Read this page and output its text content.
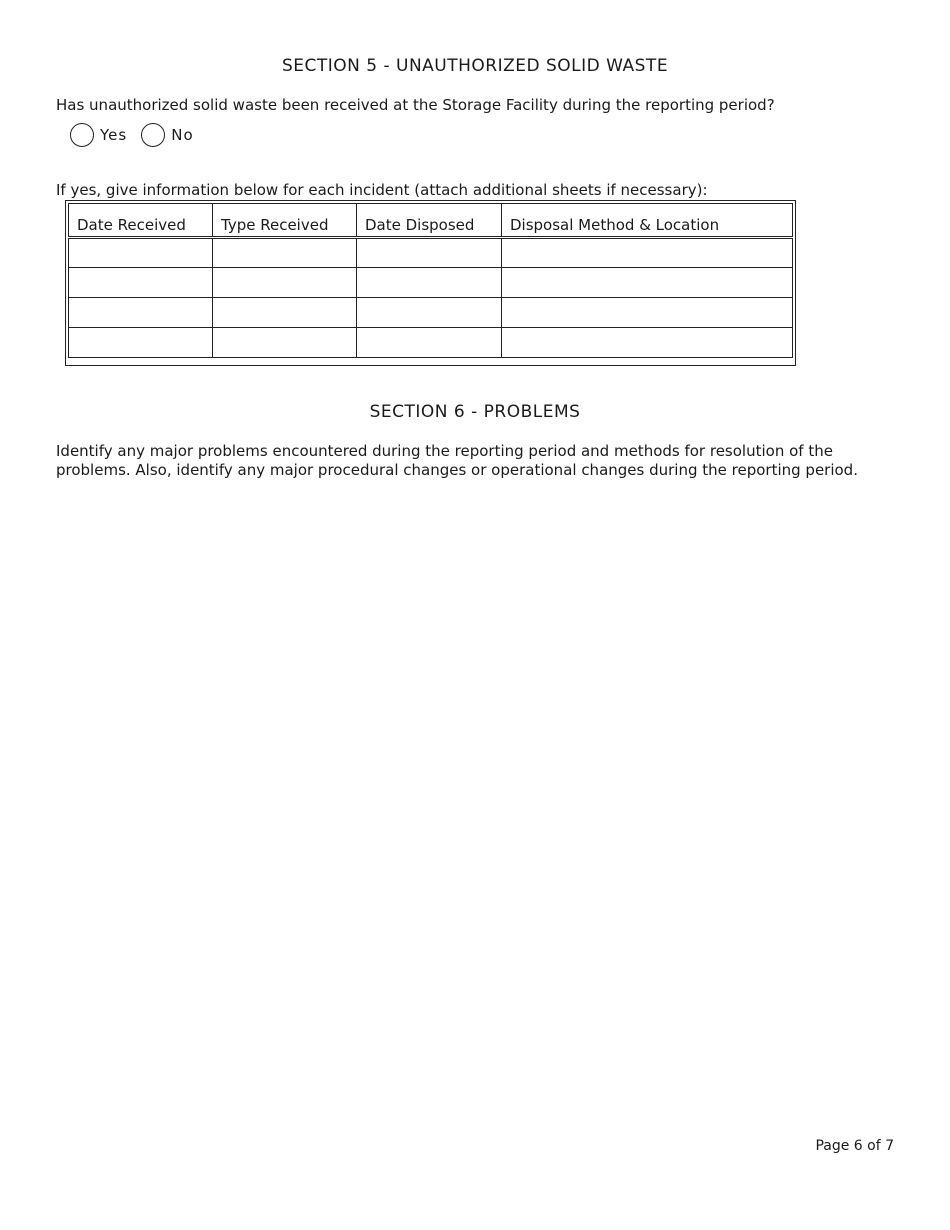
SECTION 5 - UNAUTHORIZED SOLID WASTE
Has unauthorized solid waste been received at the Storage Facility during the reporting period?
Yes	No
If yes, give information below for each incident (attach additional sheets if necessary):
Date Received	Type Received	Date Disposed	Disposal Method & Location

SECTION 6 - PROBLEMS
Identify any major problems encountered during the reporting period and methods for resolution of the
problems. Also, identify any major procedural changes or operational changes during the reporting period.
Page 6 of 7
